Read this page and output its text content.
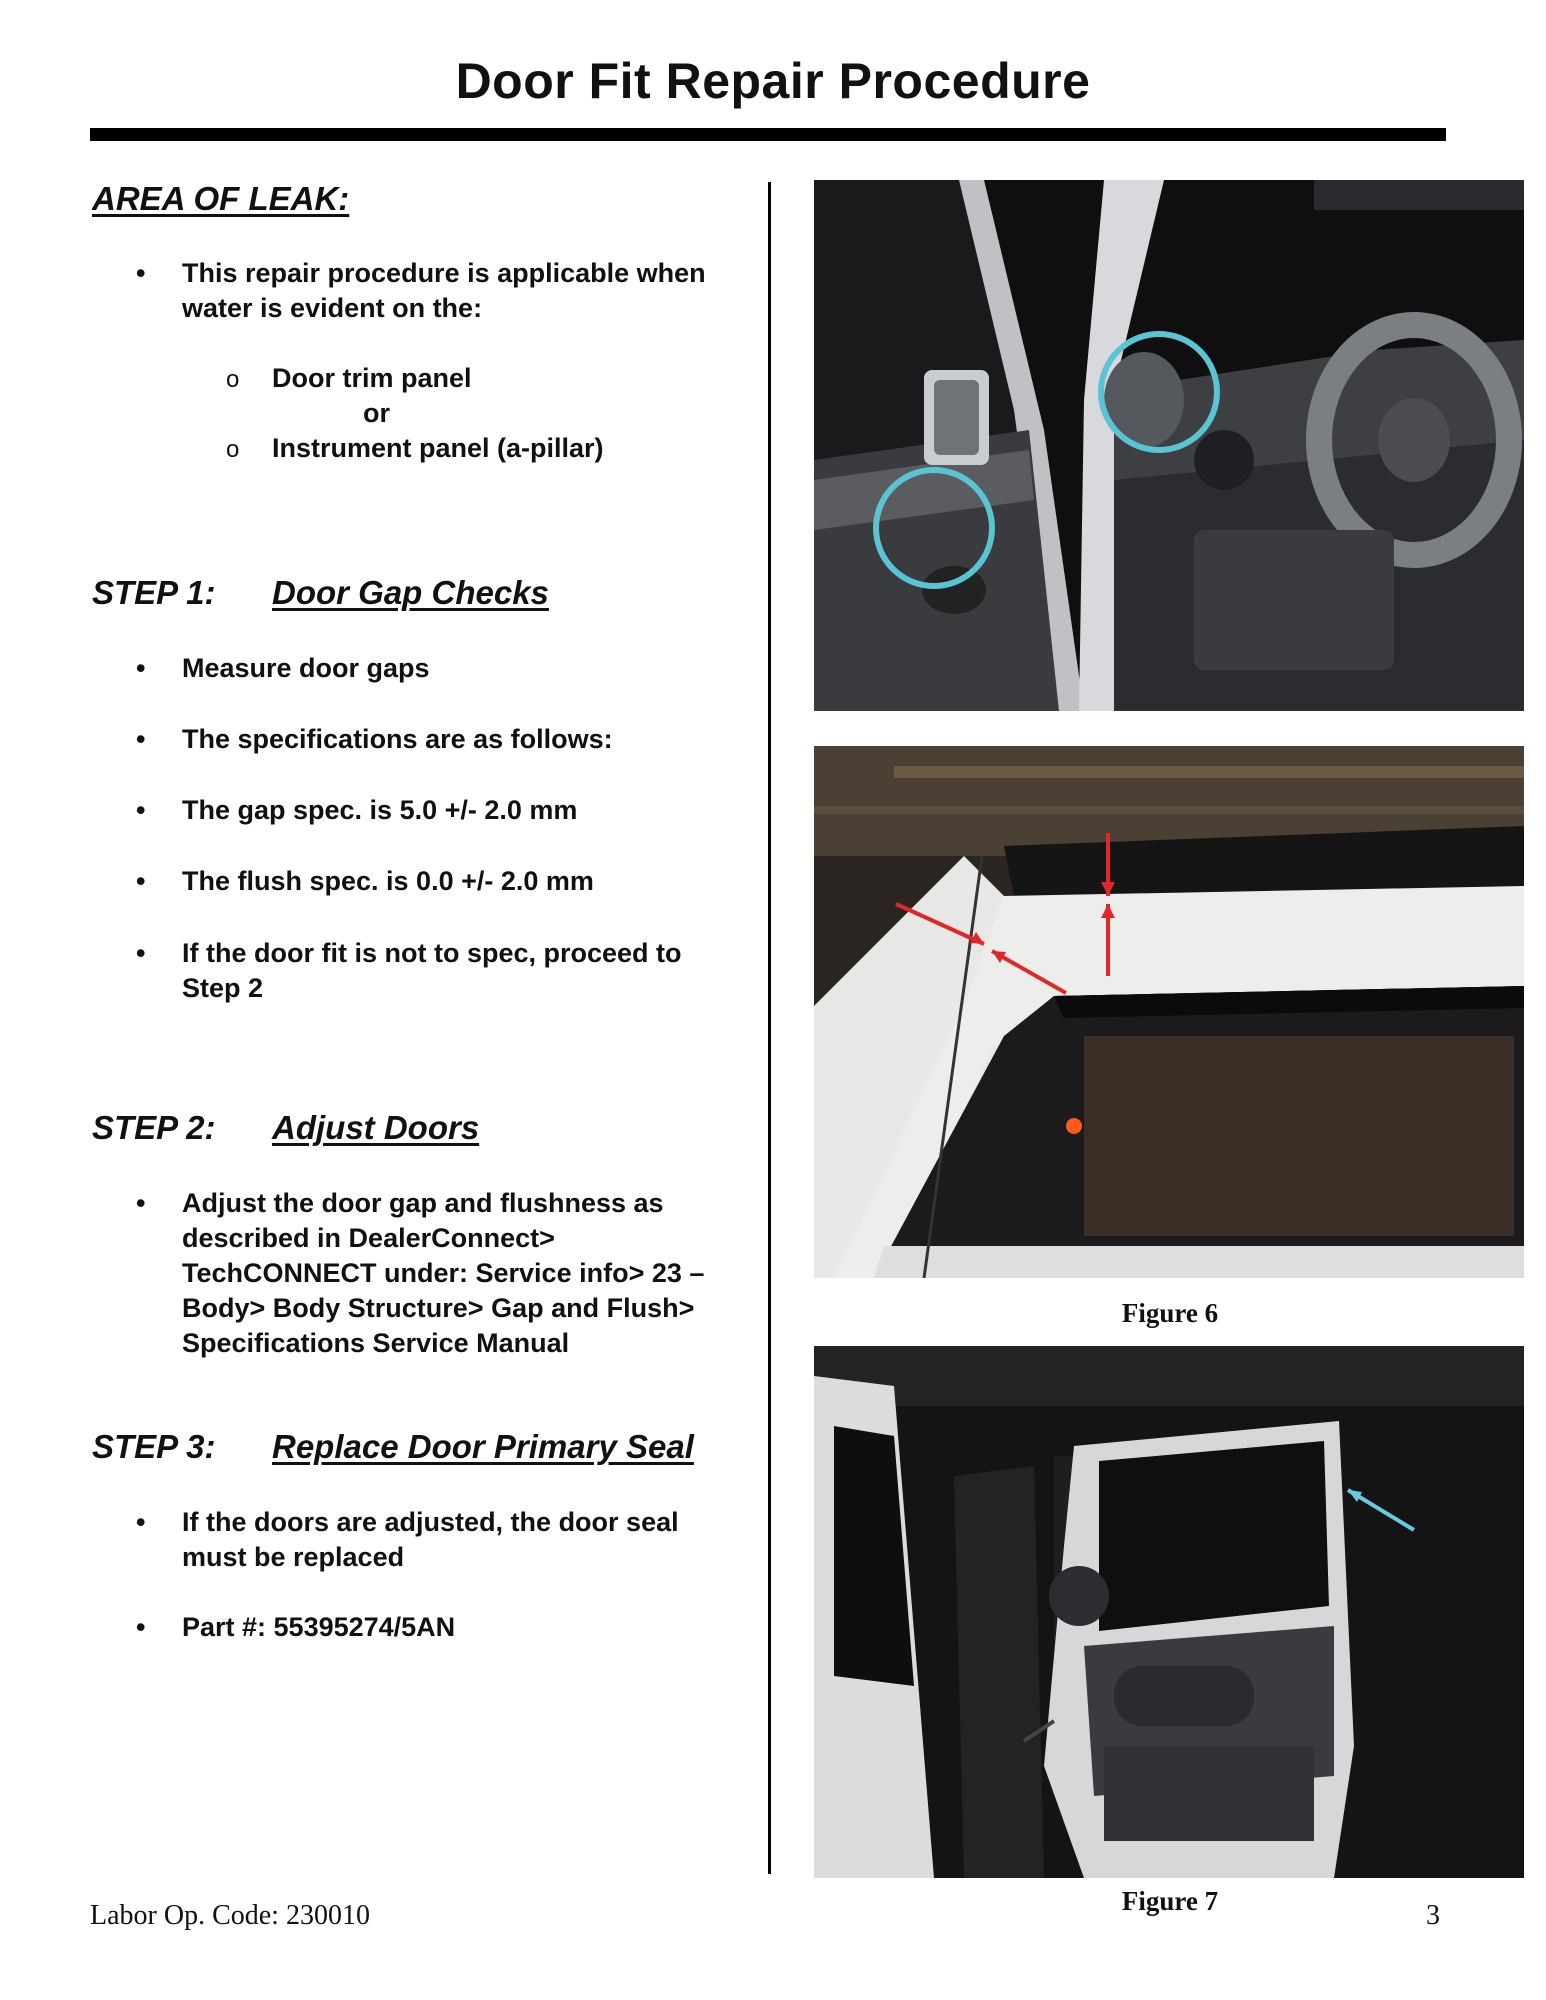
Door Fit Repair Procedure
AREA OF LEAK:
• This repair procedure is applicable when water is evident on the:
o Door trim panel
or
o Instrument panel (a-pillar)
STEP 1: Door Gap Checks
• Measure door gaps
• The specifications are as follows:
• The gap spec. is 5.0 +/- 2.0 mm
• The flush spec. is 0.0 +/- 2.0 mm
• If the door fit is not to spec, proceed to Step 2
STEP 2: Adjust Doors
• Adjust the door gap and flushness as described in DealerConnect> TechCONNECT under: Service info> 23 – Body> Body Structure> Gap and Flush> Specifications Service Manual
STEP 3: Replace Door Primary Seal
• If the doors are adjusted, the door seal must be replaced
• Part #: 55395274/5AN
Figure 6
Figure 7
Labor Op. Code: 230010	3
